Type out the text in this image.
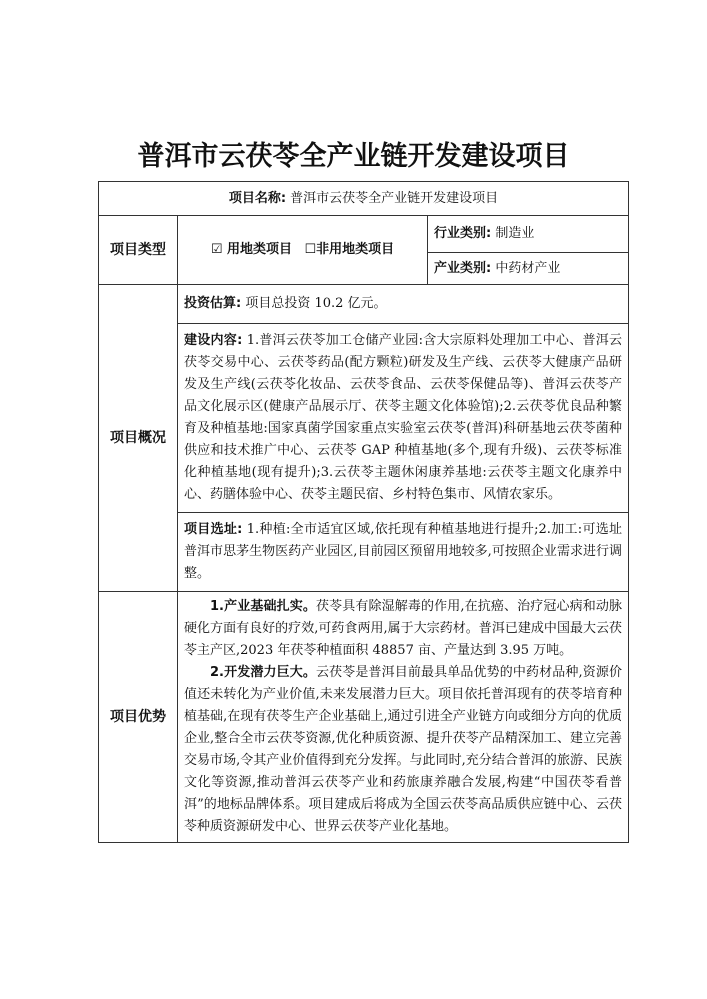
普洱市云茯苓全产业链开发建设项目
项目名称: 普洱市云茯苓全产业链开发建设项目		
项目类型	☑ 用地类项目 ☐非用地类项目	行业类别: 制造业
		产业类别: 中药材产业
项目概况	投资估算: 项目总投资 10.2 亿元。	
	建设内容: 1.普洱云茯苓加工仓储产业园:含大宗原料处理加工中心、普洱云茯苓交易中心、云茯苓药品(配方颗粒)研发及生产线、云茯苓大健康产品研发及生产线(云茯苓化妆品、云茯苓食品、云茯苓保健品等)、普洱云茯苓产品文化展示区(健康产品展示厅、茯苓主题文化体验馆);2.云茯苓优良品种繁育及种植基地:国家真菌学国家重点实验室云茯苓(普洱)科研基地云茯苓菌种供应和技术推广中心、云茯苓 GAP 种植基地(多个,现有升级)、云茯苓标准化种植基地(现有提升);3.云茯苓主题休闲康养基地:云茯苓主题文化康养中心、药膳体验中心、茯苓主题民宿、乡村特色集市、风情农家乐。	
	项目选址: 1.种植:全市适宜区域,依托现有种植基地进行提升;2.加工:可选址普洱市思茅生物医药产业园区,目前园区预留用地较多,可按照企业需求进行调整。	
项目优势	1.产业基础扎实。茯苓具有除湿解毒的作用,在抗癌、治疗冠心病和动脉硬化方面有良好的疗效,可药食两用,属于大宗药材。普洱已建成中国最大云茯苓主产区,2023 年茯苓种植面积 48857 亩、产量达到 3.95 万吨。

2.开发潜力巨大。云茯苓是普洱目前最具单品优势的中药材品种,资源价值还未转化为产业价值,未来发展潜力巨大。项目依托普洱现有的茯苓培育种植基础,在现有茯苓生产企业基础上,通过引进全产业链方向或细分方向的优质企业,整合全市云茯苓资源,优化种质资源、提升茯苓产品精深加工、建立完善交易市场,令其产业价值得到充分发挥。与此同时,充分结合普洱的旅游、民族文化等资源,推动普洱云茯苓产业和药旅康养融合发展,构建“中国茯苓看普洱”的地标品牌体系。项目建成后将成为全国云茯苓高品质供应链中心、云茯苓种质资源研发中心、世界云茯苓产业化基地。	
